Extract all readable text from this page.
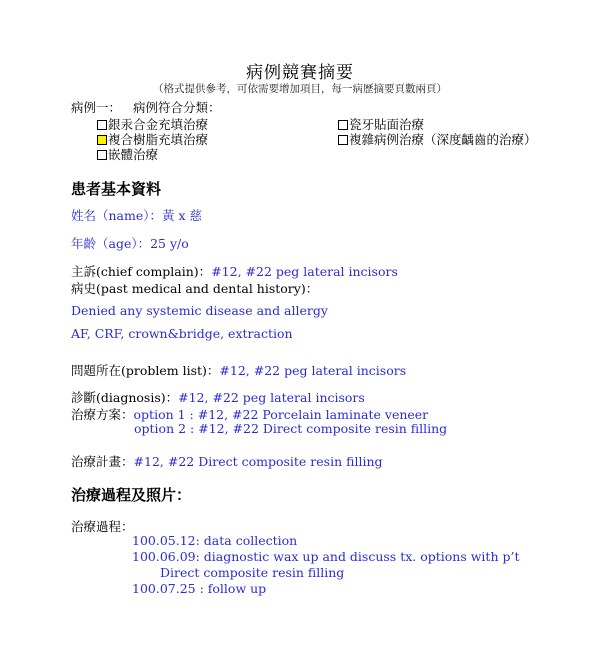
病例競賽摘要
（格式提供參考，可依需要增加項目，每一病歷摘要頁數兩頁）
病例一： 病例符合分類：
銀汞合金充填治療	瓷牙貼面治療
複合樹脂充填治療	複雜病例治療（深度齲齒的治療）
嵌體治療
患者基本資料
姓名（name）：黃 x 慈
年齡（age）：25 y/o
主訴(chief complain)：#12, #22 peg lateral incisors
病史(past medical and dental history)：
Denied any systemic disease and allergy
AF, CRF, crown&bridge, extraction
問題所在(problem list)：#12, #22 peg lateral incisors
診斷(diagnosis)：#12, #22 peg lateral incisors
治療方案：option 1 : #12, #22 Porcelain laminate veneer
option 2 : #12, #22 Direct composite resin filling
治療計畫：#12, #22 Direct composite resin filling
治療過程及照片：
治療過程：
100.05.12: data collection
100.06.09: diagnostic wax up and discuss tx. options with p’t
Direct composite resin filling
100.07.25 : follow up
